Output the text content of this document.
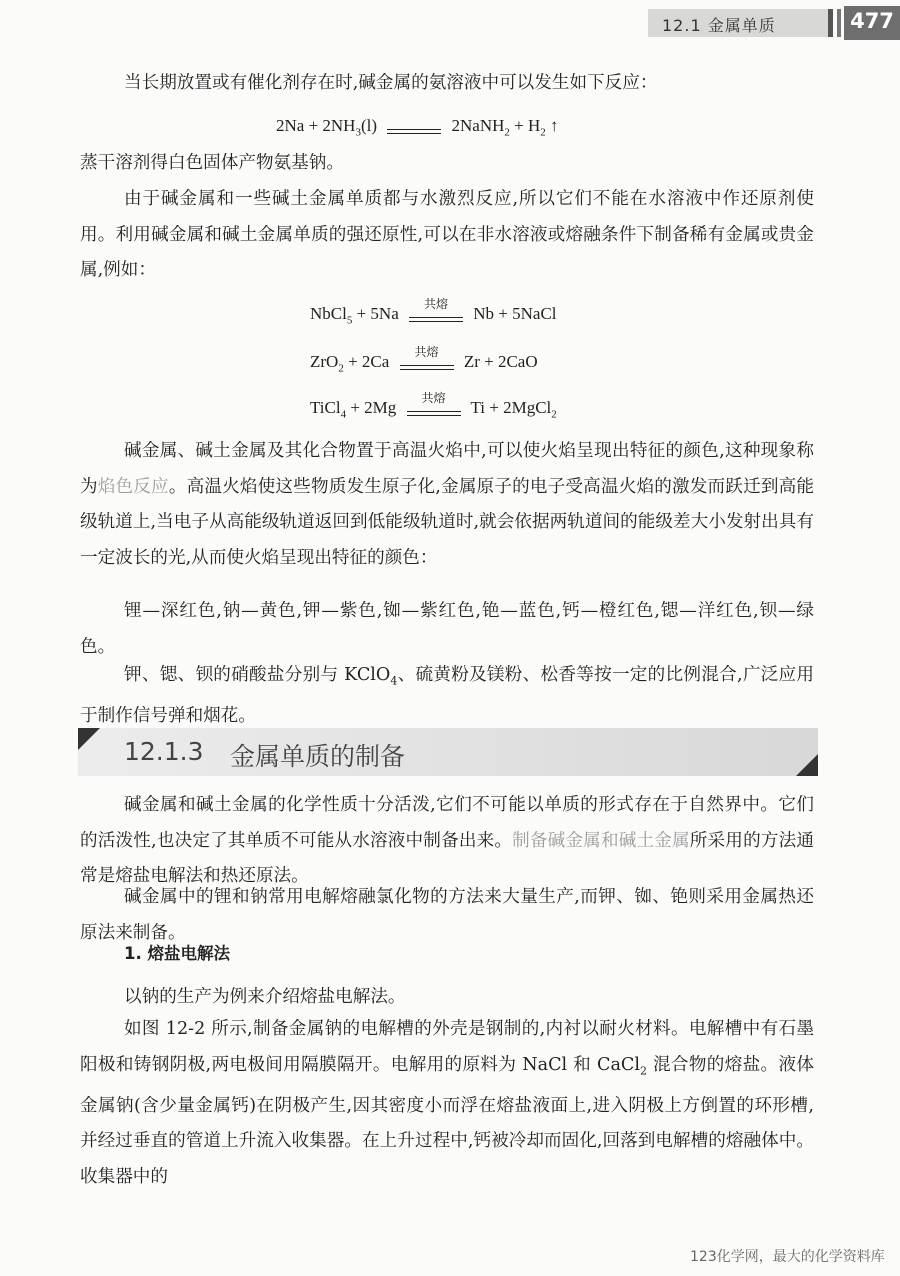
12.1 金属单质	477

当长期放置或有催化剂存在时,碱金属的氨溶液中可以发生如下反应：

$2Na + 2NH_3(l)$	2NaNH$_2$ + $H_2$ ↑

蒸干溶剂得白色固体产物氨基钠。

由于碱金属和一些碱土金属单质都与水激烈反应,所以它们不能在水溶液中作还原剂使用。利用碱金属和碱土金属单质的强还原性,可以在非水溶液或熔融条件下制备稀有金属或贵金属,例如：

NbCl$_5$ + 5Na	共熔	Nb + 5NaCl
ZrO$_2$ + 2Ca	共熔	Zr + 2CaO
TiCl$_4$ + 2Mg	共熔	Ti + 2MgCl$_2$

碱金属、碱土金属及其化合物置于高温火焰中,可以使火焰呈现出特征的颜色,这种现象称为焰色反应。高温火焰使这些物质发生原子化,金属原子的电子受高温火焰的激发而跃迁到高能级轨道上,当电子从高能级轨道返回到低能级轨道时,就会依据两轨道间的能级差大小发射出具有一定波长的光,从而使火焰呈现出特征的颜色：

锂—深红色,钠—黄色,钾—紫色,铷—紫红色,铯—蓝色,钙—橙红色,锶—洋红色,钡—绿色。

钾、锶、钡的硝酸盐分别与 KClO$_4$、硫黄粉及镁粉、松香等按一定的比例混合,广泛应用于制作信号弹和烟花。

12.1.3 金属单质的制备

碱金属和碱土金属的化学性质十分活泼,它们不可能以单质的形式存在于自然界中。它们的活泼性,也决定了其单质不可能从水溶液中制备出来。制备碱金属和碱土金属所采用的方法通常是熔盐电解法和热还原法。

碱金属中的锂和钠常用电解熔融氯化物的方法来大量生产,而钾、铷、铯则采用金属热还原法来制备。

1. 熔盐电解法

以钠的生产为例来介绍熔盐电解法。

如图 12-2 所示,制备金属钠的电解槽的外壳是钢制的,内衬以耐火材料。电解槽中有石墨阳极和铸钢阴极,两电极间用隔膜隔开。电解用的原料为 NaCl 和 CaCl$_2$ 混合物的熔盐。液体金属钠(含少量金属钙)在阴极产生,因其密度小而浮在熔盐液面上,进入阴极上方倒置的环形槽,并经过垂直的管道上升流入收集器。在上升过程中,钙被冷却而固化,回落到电解槽的熔融体中。收集器中的

123化学网，最大的化学资料库
